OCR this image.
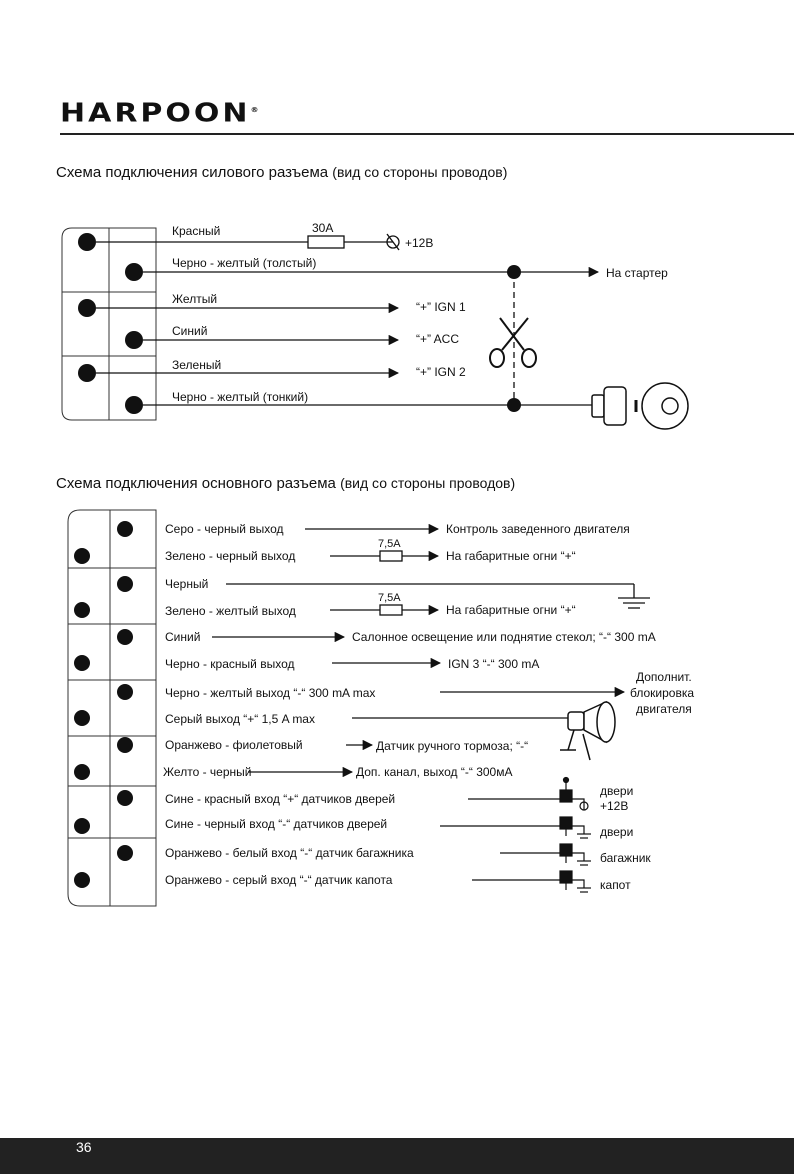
HARPOON®
Схема подключения силового разъема (вид со стороны проводов)
Схема подключения основного разъема (вид со стороны проводов)
Красный
Черно - желтый (толстый)
Желтый
Синий
Зеленый
Черно - желтый (тонкий)
30А
+12В
На стартер
“+” IGN 1
“+” ACC
“+” IGN 2
Серо - черный выход
Зелено - черный выход
Черный
Зелено - желтый выход
Синий
Черно - красный выход
Черно - желтый выход “-“ 300 mA max
Серый выход “+“ 1,5 A max
Оранжево - фиолетовый
Желто - черный
Сине - красный вход “+“ датчиков дверей
Сине - черный вход “-“ датчиков дверей
Оранжево - белый вход “-“ датчик багажника
Оранжево - серый вход “-“ датчик капота
7,5А
7,5А
Контроль заведенного двигателя
На габаритные огни “+“
На габаритные огни “+“
Салонное освещение или поднятие стекол; “-“ 300 mA
IGN 3 “-“ 300 mA
Дополнит.
блокировка
двигателя
Датчик ручного тормоза; “-“
Доп. канал, выход “-“ 300мА
двери
+12В
двери
багажник
капот
36
